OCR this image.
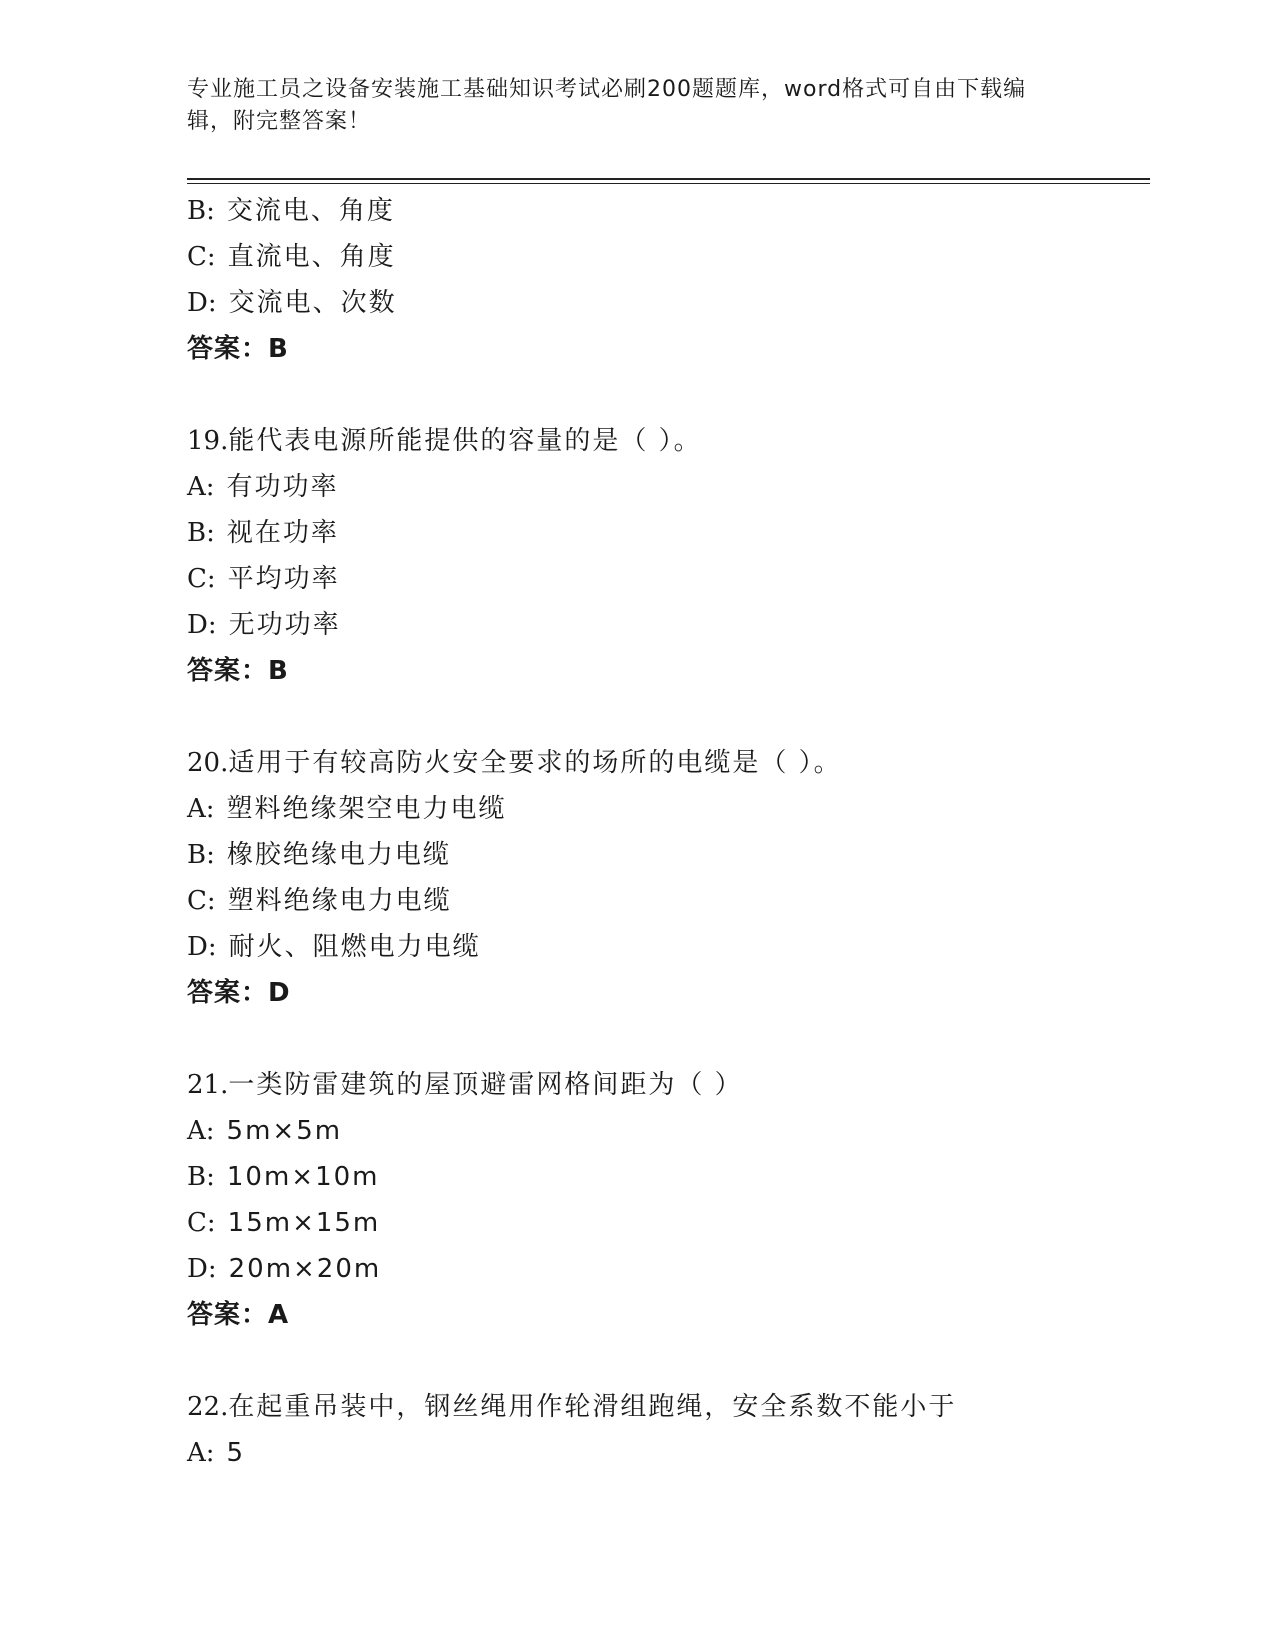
专业施工员之设备安装施工基础知识考试必刷200题题库，word格式可自由下载编辑，附完整答案！
B: 交流电、角度
C: 直流电、角度
D: 交流电、次数
答案：B
19.能代表电源所能提供的容量的是（ ）。
A: 有功功率
B: 视在功率
C: 平均功率
D: 无功功率
答案：B
20.适用于有较高防火安全要求的场所的电缆是（ ）。
A: 塑料绝缘架空电力电缆
B: 橡胶绝缘电力电缆
C: 塑料绝缘电力电缆
D: 耐火、阻燃电力电缆
答案：D
21.一类防雷建筑的屋顶避雷网格间距为（ ）
A: 5m×5m
B: 10m×10m
C: 15m×15m
D: 20m×20m
答案：A
22.在起重吊装中，钢丝绳用作轮滑组跑绳，安全系数不能小于
A: 5
